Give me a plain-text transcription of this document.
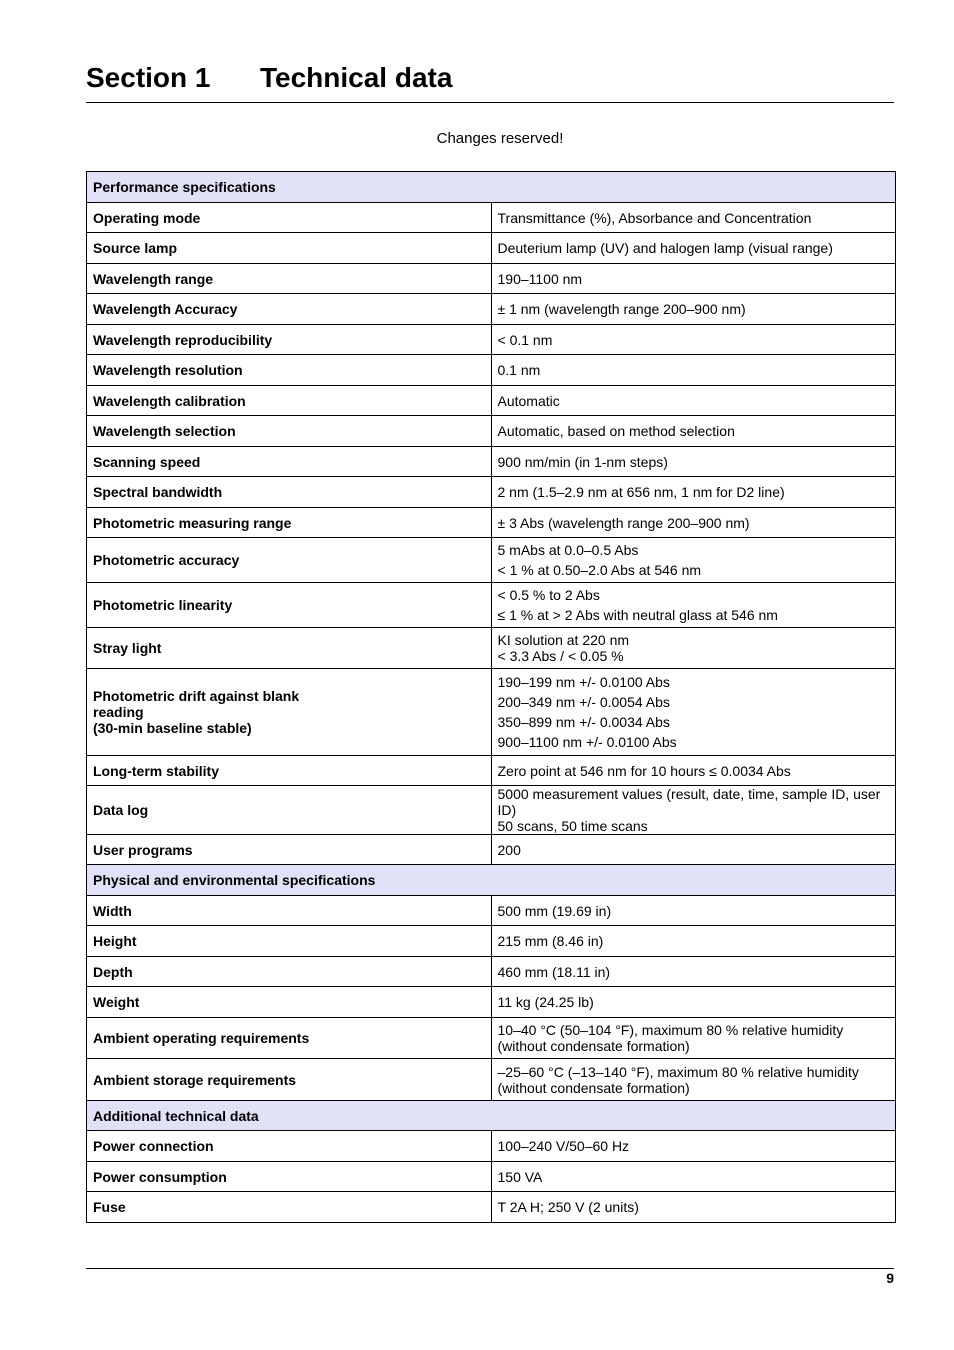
Section 1 Technical data
Changes reserved!
Performance specifications	
Operating mode	Transmittance (%), Absorbance and Concentration

Source lamp	Deuterium lamp (UV) and halogen lamp (visual range)

Wavelength range	190–1100 nm

Wavelength Accuracy	± 1 nm (wavelength range 200–900 nm)

Wavelength reproducibility	< 0.1 nm

Wavelength resolution	0.1 nm

Wavelength calibration	Automatic

Wavelength selection	Automatic, based on method selection

Scanning speed	900 nm/min (in 1-nm steps)

Spectral bandwidth	2 nm (1.5–2.9 nm at 656 nm, 1 nm for D2 line)

Photometric measuring range	± 3 Abs (wavelength range 200–900 nm)

Photometric accuracy	5 mAbs at 0.0–0.5 Abs
< 1 % at 0.50–2.0 Abs at 546 nm

Photometric linearity	< 0.5 % to 2 Abs
≤ 1 % at > 2 Abs with neutral glass at 546 nm

Stray light	KI solution at 220 nm
< 3.3 Abs / < 0.05 %

Photometric drift against blank
reading
(30-min baseline stable)	190–199 nm +/- 0.0100 Abs
200–349 nm +/- 0.0054 Abs
350–899 nm +/- 0.0034 Abs
900–1100 nm +/- 0.0100 Abs

Long-term stability	Zero point at 546 nm for 10 hours ≤ 0.0034 Abs

Data log	5000 measurement values (result, date, time, sample ID, user ID)
50 scans, 50 time scans

User programs	200

Physical and environmental specifications	
Width	500 mm (19.69 in)

Height	215 mm (8.46 in)

Depth	460 mm (18.11 in)

Weight	11 kg (24.25 lb)

Ambient operating requirements	10–40 °C (50–104 °F), maximum 80 % relative humidity
(without condensate formation)

Ambient storage requirements	–25–60 °C (–13–140 °F), maximum 80 % relative humidity
(without condensate formation)

Additional technical data	
Power connection	100–240 V/50–60 Hz

Power consumption	150 VA

Fuse	T 2A H; 250 V (2 units)
9
